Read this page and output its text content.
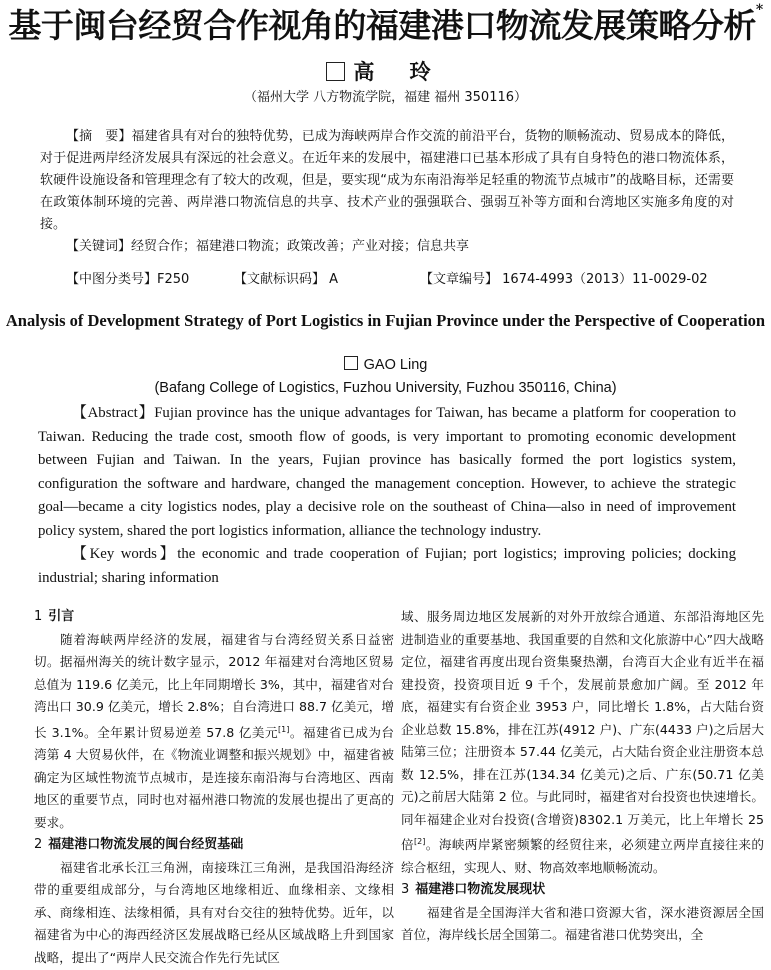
基于闽台经贸合作视角的福建港口物流发展策略分析*
高 玲
（福州大学 八方物流学院，福建 福州 350116）
【摘　要】福建省具有对台的独特优势，已成为海峡两岸合作交流的前沿平台，货物的顺畅流动、贸易成本的降低，对于促进两岸经济发展具有深远的社会意义。在近年来的发展中，福建港口已基本形成了具有自身特色的港口物流体系，软硬件设施设备和管理理念有了较大的改观，但是，要实现“成为东南沿海举足轻重的物流节点城市”的战略目标，还需要在政策体制环境的完善、两岸港口物流信息的共享、技术产业的强强联合、强弱互补等方面和台湾地区实施多角度的对接。
【关键词】经贸合作；福建港口物流；政策改善；产业对接；信息共享
【中图分类号】F250	【文献标识码】 A	【文章编号】 1674-4993（2013）11-0029-02
Analysis of Development Strategy of Port Logistics in Fujian Province under the Perspective of Cooperation
GAO Ling
(Bafang College of Logistics, Fuzhou University, Fuzhou 350116, China)
【Abstract】Fujian province has the unique advantages for Taiwan, has became a platform for cooperation to Taiwan. Reducing the trade cost, smooth flow of goods, is very important to promoting economic development between Fujian and Taiwan. In the years, Fujian province has basically formed the port logistics system, configuration the software and hardware, changed the management conception. However, to achieve the strategic goal—became a city logistics nodes, play a decisive role on the southeast of China—also in need of improvement policy system, shared the port logistics information, alliance the technology industry.
【Key words】the economic and trade cooperation of Fujian; port logistics; improving policies; docking industrial; sharing information

1 引言

随着海峡两岸经济的发展，福建省与台湾经贸关系日益密切。据福州海关的统计数字显示，2012 年福建对台湾地区贸易总值为 119.6 亿美元，比上年同期增长 3%，其中，福建省对台湾出口 30.9 亿美元，增长 2.8%；自台湾进口 88.7 亿美元，增长 3.1%。全年累计贸易逆差 57.8 亿美元[1]。福建省已成为台湾第 4 大贸易伙伴，在《物流业调整和振兴规划》中，福建省被确定为区域性物流节点城市，是连接东南沿海与台湾地区、西南地区的重要节点，同时也对福州港口物流的发展也提出了更高的要求。

2 福建港口物流发展的闽台经贸基础

福建省北承长江三角洲，南接珠江三角洲，是我国沿海经济带的重要组成部分，与台湾地区地缘相近、血缘相亲、文缘相承、商缘相连、法缘相循，具有对台交往的独特优势。近年，以福建省为中心的海西经济区发展战略已经从区域战略上升到国家战略，提出了“两岸人民交流合作先行先试区

域、服务周边地区发展新的对外开放综合通道、东部沿海地区先进制造业的重要基地、我国重要的自然和文化旅游中心”四大战略定位，福建省再度出现台资集聚热潮，台湾百大企业有近半在福建投资，投资项目近 9 千个，发展前景愈加广阔。至 2012 年底，福建实有台资企业 3953 户，同比增长 1.8%，占大陆台资企业总数 15.8%，排在江苏(4912 户)、广东(4433 户)之后居大陆第三位；注册资本 57.44 亿美元，占大陆台资企业注册资本总数 12.5%，排在江苏(134.34 亿美元)之后、广东(50.71 亿美元)之前居大陆第 2 位。与此同时，福建省对台投资也快速增长。同年福建企业对台投资(含增资)8302.1 万美元，比上年增长 25 倍[2]。海峡两岸紧密频繁的经贸往来，必须建立两岸直接往来的综合枢纽，实现人、财、物高效率地顺畅流动。

3 福建港口物流发展现状

福建省是全国海洋大省和港口资源大省，深水港资源居全国首位，海岸线长居全国第二。福建省港口优势突出，全
